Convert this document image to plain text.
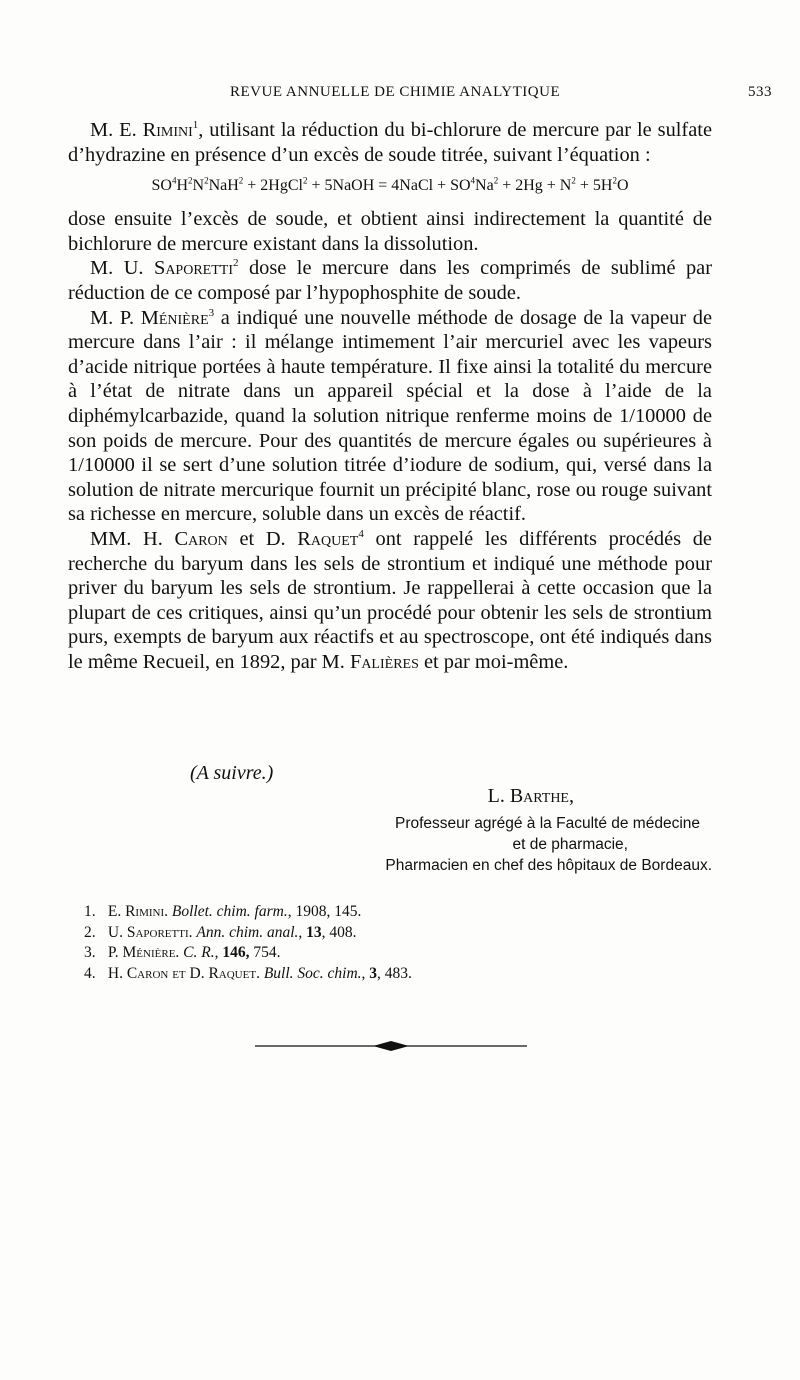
REVUE ANNUELLE DE CHIMIE ANALYTIQUE	533

M. E. Rimini$^1$, utilisant la réduction du bi-chlorure de mercure par le sulfate d’hydrazine en présence d’un excès de soude titrée, suivant l’équation :

$SO^4H^2N^2NaH^2$ + 2HgCl$^2$ + 5NaOH = 4NaCl + $SO^4Na^2 + 2Hg + N^2 + 5H^2O$

dose ensuite l’excès de soude, et obtient ainsi indirectement la quantité de bichlorure de mercure existant dans la dissolution.

M. U. Saporetti$^2$ dose le mercure dans les comprimés de sublimé par réduction de ce composé par l’hypophosphite de soude.

M. P. Ménière$^3$ a indiqué une nouvelle méthode de dosage de la vapeur de mercure dans l’air : il mélange intimement l’air mercuriel avec les vapeurs d’acide nitrique portées à haute température. Il fixe ainsi la totalité du mercure à l’état de nitrate dans un appareil spécial et la dose à l’aide de la diphémylcarbazide, quand la solution nitrique renferme moins de 1/10000 de son poids de mercure. Pour des quantités de mercure égales ou supérieures à 1/10000 il se sert d’une solution titrée d’iodure de sodium, qui, versé dans la solution de nitrate mercurique fournit un précipité blanc, rose ou rouge suivant sa richesse en mercure, soluble dans un excès de réactif.

MM. H. Caron et D. Raquet$^4$ ont rappelé les différents procédés de recherche du baryum dans les sels de strontium et indiqué une méthode pour priver du baryum les sels de strontium. Je rappellerai à cette occasion que la plupart de ces critiques, ainsi qu’un procédé pour obtenir les sels de strontium purs, exempts de baryum aux réactifs et au spectroscope, ont été indiqués dans le même Recueil, en 1892, par M. Falières et par moi-même.

(A suivre.)
L. Barthe,
Professeur agrégé à la Faculté de médecine
et de pharmacie,
Pharmacien en chef des hôpitaux de Bordeaux.
1. E. Rimini. Bollet. chim. farm., 1908, 145.
2. U. Saporetti. Ann. chim. anal., 13, 408.
3. P. Ménière. C. R., 146, 754.
4. H. Caron et D. Raquet. Bull. Soc. chim., 3, 483.
